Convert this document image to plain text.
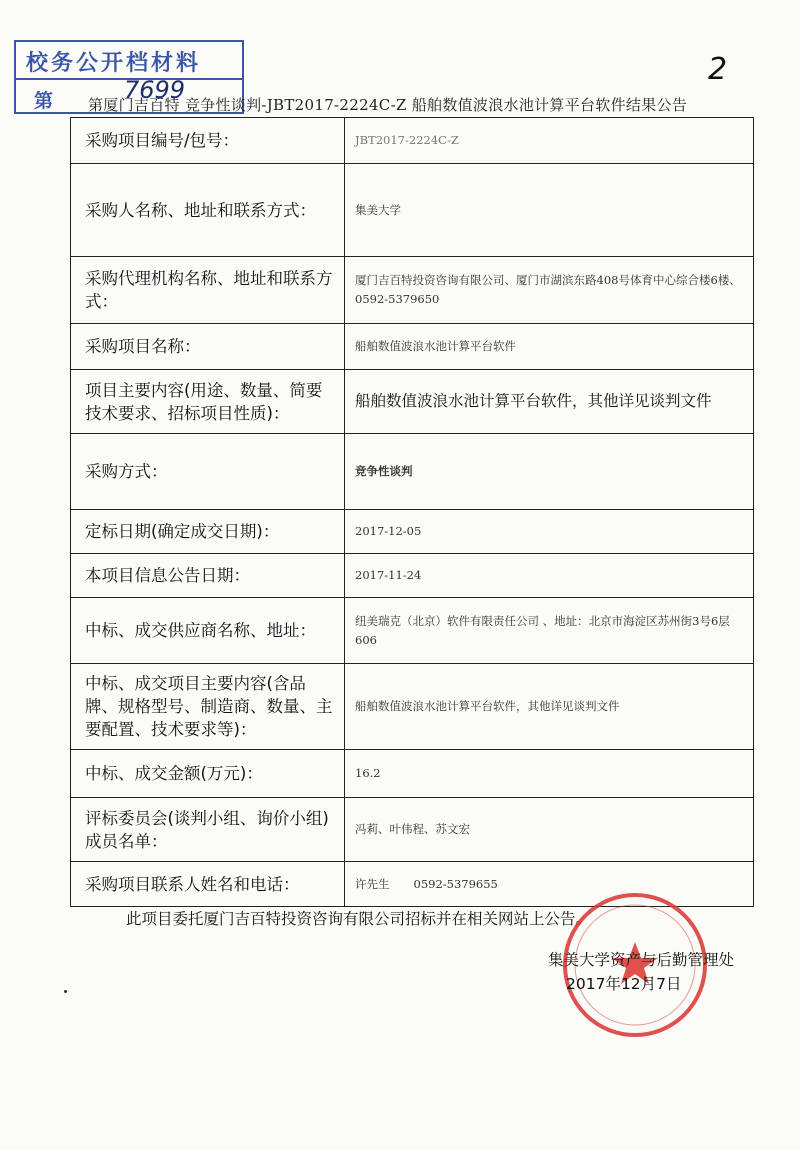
校务公开档材料
第	7699
2
第厦门吉百特 竞争性谈判-JBT2017-2224C-Z 船舶数值波浪水池计算平台软件结果公告
采购项目编号/包号：	JBT2017-2224C-Z
采购人名称、地址和联系方式：	集美大学
采购代理机构名称、地址和联系方式：	厦门吉百特投资咨询有限公司、厦门市湖滨东路408号体育中心综合楼6楼、0592-5379650
采购项目名称：	船舶数值波浪水池计算平台软件
项目主要内容(用途、数量、简要技术要求、招标项目性质)：	船舶数值波浪水池计算平台软件，其他详见谈判文件
采购方式：	竞争性谈判
定标日期(确定成交日期)：	2017-12-05
本项目信息公告日期：	2017-11-24
中标、成交供应商名称、地址：	纽美瑞克（北京）软件有限责任公司 、地址：北京市海淀区苏州街3号6层606
中标、成交项目主要内容(含品牌、规格型号、制造商、数量、主要配置、技术要求等)：	船舶数值波浪水池计算平台软件，其他详见谈判文件
中标、成交金额(万元)：	16.2
评标委员会(谈判小组、询价小组)成员名单：	冯莉、叶伟程、苏文宏
采购项目联系人姓名和电话：	许先生 0592-5379655
此项目委托厦门吉百特投资咨询有限公司招标并在相关网站上公告。
集美大学资产与后勤管理处
2017年12月7日
